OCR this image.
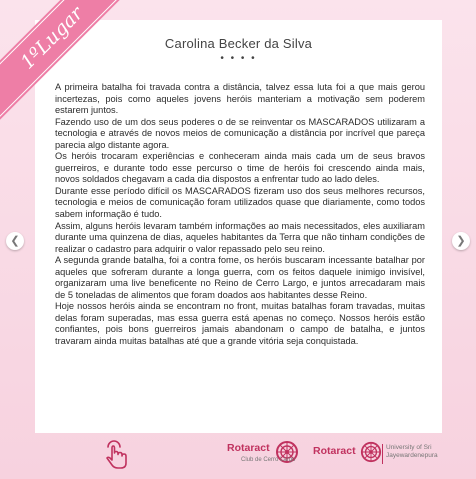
Carolina Becker da Silva
• • • •

A primeira batalha foi travada contra a distância, talvez essa luta foi a que mais gerou incertezas, pois como aqueles jovens heróis manteriam a motivação sem poderem estarem juntos.

Fazendo uso de um dos seus poderes o de se reinventar os MASCARADOS utilizaram a tecnologia e através de novos meios de comunicação a distância por incrível que pareça parecia algo distante agora.

Os heróis trocaram experiências e conheceram ainda mais cada um de seus bravos guerreiros, e durante todo esse percurso o time de heróis foi crescendo ainda mais, novos soldados chegavam a cada dia dispostos a enfrentar tudo ao lado deles.

Durante esse período difícil os MASCARADOS fizeram uso dos seus melhores recursos, tecnologia e meios de comunicação foram utilizados quase que diariamente, como todos sabem informação é tudo.

Assim, alguns heróis levaram também informações ao mais necessitados, eles auxiliaram durante uma quinzena de dias, aqueles habitantes da Terra que não tinham condições de realizar o cadastro para adquirir o valor repassado pelo seu reino.

A segunda grande batalha, foi a contra fome, os heróis buscaram incessante batalhar por aqueles que sofreram durante a longa guerra, com os feitos daquele inimigo invisível, organizaram uma live beneficente no Reino de Cerro Largo, e juntos arrecadaram mais de 5 toneladas de alimentos que foram doados aos habitantes desse Reino.

Hoje nossos heróis ainda se encontram no front, muitas batalhas foram travadas, muitas delas foram superadas, mas essa guerra está apenas no começo. Nossos heróis estão confiantes, pois bons guerreiros jamais abandonam o campo de batalha, e juntos travaram ainda muitas batalhas até que a grande vitória seja conquistada.

1ºLugar
❮	❯
Rotaract
Club de Cerro Largo
Rotaract	University of Sri
Jayewardenepura
